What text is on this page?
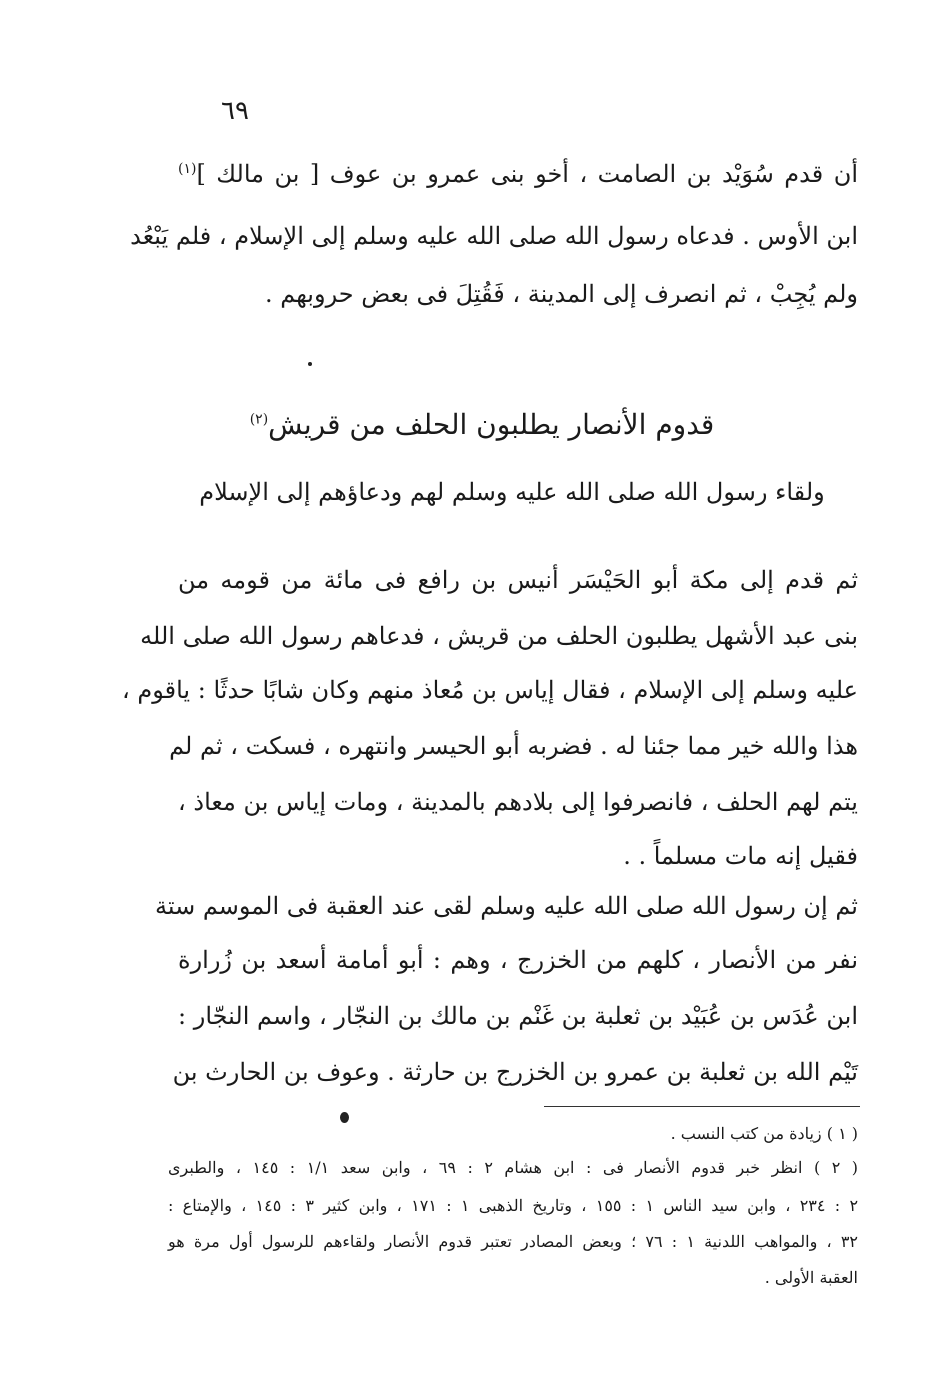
٦٩
أن قدم سُوَيْد بن الصامت ، أخو بنى عمرو بن عوف [ بن مالك ]$^{(١)}$
ابن الأوس . فدعاه رسول الله صلى الله عليه وسلم إلى الإسلام ، فلم يَبْعُد
ولم يُجِبْ ، ثم انصرف إلى المدينة ، فَقُتِلَ فى بعض حروبهم .
قدوم الأنصار يطلبون الحلف من قريش$^{(٢)}$
ولقاء رسول الله صلى الله عليه وسلم لهم ودعاؤهم إلى الإسلام
ثم قدم إلى مكة أبو الحَيْسَر أنيس بن رافع فى مائة من قومه من
بنى عبد الأشهل يطلبون الحلف من قريش ، فدعاهم رسول الله صلى الله
عليه وسلم إلى الإسلام ، فقال إياس بن مُعاذ منهم وكان شابًا حدثًا : ياقوم ،
هذا والله خير مما جئنا له . فضربه أبو الحيسر وانتهره ، فسكت ، ثم لم
يتم لهم الحلف ، فانصرفوا إلى بلادهم بالمدينة ، ومات إياس بن معاذ ،
فقيل إنه مات مسلماً . .
ثم إن رسول الله صلى الله عليه وسلم لقى عند العقبة فى الموسم ستة
نفر من الأنصار ، كلهم من الخزرج ، وهم : أبو أمامة أسعد بن زُرارة
ابن عُدَس بن عُبَيْد بن ثعلبة بن غَنْم بن مالك بن النجّار ، واسم النجّار :
تَيْم الله بن ثعلبة بن عمرو بن الخزرج بن حارثة . وعوف بن الحارث بن
( ١ ) زيادة من كتب النسب .
( ٢ ) انظر خبر قدوم الأنصار فى : ابن هشام ٢ : ٦٩ ، وابن سعد ١/١ : ١٤٥ ، والطبرى
٢ : ٢٣٤ ، وابن سيد الناس ١ : ١٥٥ ، وتاريخ الذهبى ١ : ١٧١ ، وابن كثير ٣ : ١٤٥ ، والإمتاع :
٣٢ ، والمواهب اللدنية ١ : ٧٦ ؛ وبعض المصادر تعتبر قدوم الأنصار ولقاءهم للرسول أول مرة هو
العقبة الأولى .
